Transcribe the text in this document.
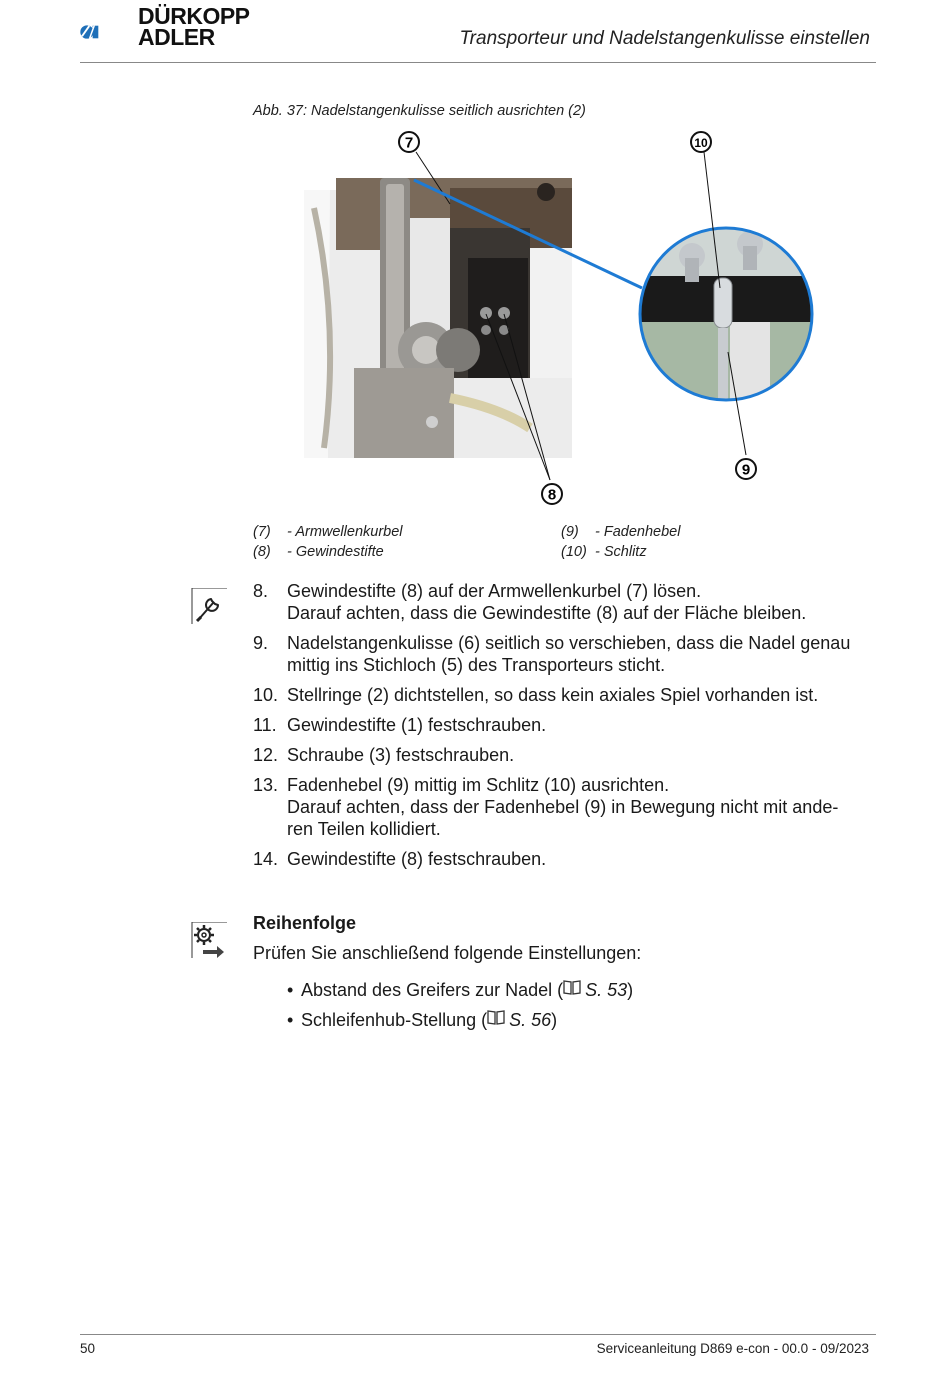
DÜRKOPP
ADLER	Transporteur und Nadelstangenkulisse einstellen
Abb. 37: Nadelstangenkulisse seitlich ausrichten (2)
7	10
9
8
(7) - Armwellenkurbel
(8) - Gewindestifte
(9) - Fadenhebel
(10) - Schlitz
8.	Gewindestifte (8) auf der Armwellenkurbel (7) lösen.
Darauf achten, dass die Gewindestifte (8) auf der Fläche bleiben.
9.	Nadelstangenkulisse (6) seitlich so verschieben, dass die Nadel genau
mittig ins Stichloch (5) des Transporteurs sticht.
10. Stellringe (2) dichtstellen, so dass kein axiales Spiel vorhanden ist.
11. Gewindestifte (1) festschrauben.
12. Schraube (3) festschrauben.
13. Fadenhebel (9) mittig im Schlitz (10) ausrichten.
Darauf achten, dass der Fadenhebel (9) in Bewegung nicht mit ande-
ren Teilen kollidiert.
14. Gewindestifte (8) festschrauben.
Reihenfolge
Prüfen Sie anschließend folgende Einstellungen:
• Abstand des Greifers zur Nadel ( S. 53 )
• Schleifenhub-Stellung ( S. 56 )
50	Serviceanleitung D869 e-con - 00.0 - 09/2023
